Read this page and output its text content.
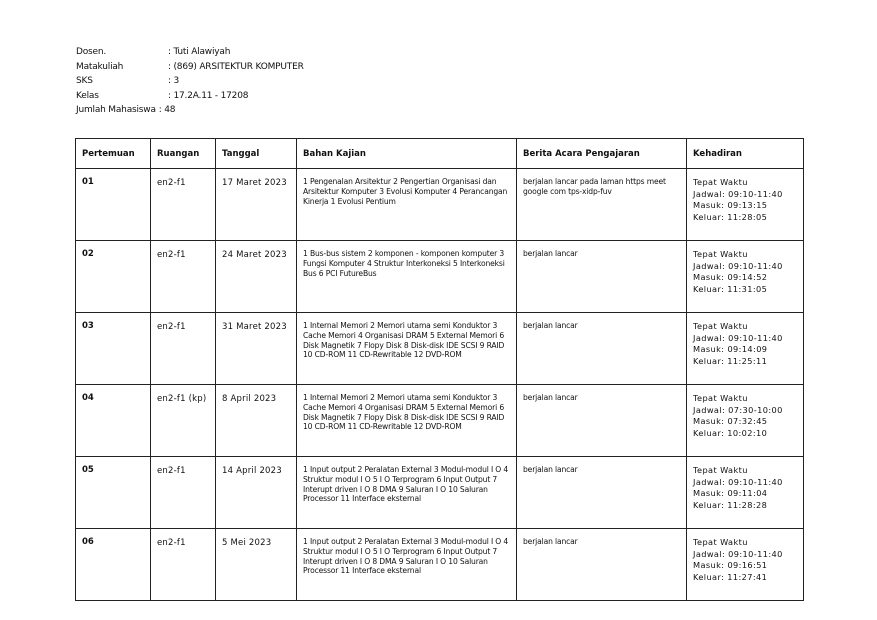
Dosen.	: Tuti Alawiyah
Matakuliah	: (869) ARSITEKTUR KOMPUTER
SKS	: 3
Kelas	: 17.2A.11 - 17208
Jumlah Mahasiswa : 48
Pertemuan	Ruangan	Tanggal	Bahan Kajian	Berita Acara Pengajaran	Kehadiran
01	en2-f1	17 Maret 2023	1 Pengenalan Arsitektur 2 Pengertian Organisasi dan Arsitektur Komputer 3 Evolusi Komputer 4 Perancangan Kinerja 1 Evolusi Pentium	berjalan lancar pada laman https meet google com tps-xidp-fuv	Tepat Waktu
Jadwal: 09:10-11:40
Masuk: 09:13:15
Keluar: 11:28:05

02	en2-f1	24 Maret 2023	1 Bus-bus sistem 2 komponen - komponen komputer 3 Fungsi Komputer 4 Struktur Interkoneksi 5 Interkoneksi Bus 6 PCI FutureBus	berjalan lancar	Tepat Waktu
Jadwal: 09:10-11:40
Masuk: 09:14:52
Keluar: 11:31:05

03	en2-f1	31 Maret 2023	1 Internal Memori 2 Memori utama semi Konduktor 3 Cache Memori 4 Organisasi DRAM 5 External Memori 6 Disk Magnetik 7 Flopy Disk 8 Disk-disk IDE SCSI 9 RAID 10 CD-ROM 11 CD-Rewritable 12 DVD-ROM	berjalan lancar	Tepat Waktu
Jadwal: 09:10-11:40
Masuk: 09:14:09
Keluar: 11:25:11

04	en2-f1 (kp)	8 April 2023	1 Internal Memori 2 Memori utama semi Konduktor 3 Cache Memori 4 Organisasi DRAM 5 External Memori 6 Disk Magnetik 7 Flopy Disk 8 Disk-disk IDE SCSI 9 RAID 10 CD-ROM 11 CD-Rewritable 12 DVD-ROM	berjalan lancar	Tepat Waktu
Jadwal: 07:30-10:00
Masuk: 07:32:45
Keluar: 10:02:10

05	en2-f1	14 April 2023	1 Input output 2 Peralatan External 3 Modul-modul I O 4 Struktur modul I O 5 I O Terprogram 6 Input Output 7 Interupt driven I O 8 DMA 9 Saluran I O 10 Saluran Processor 11 Interface eksternal	berjalan lancar	Tepat Waktu
Jadwal: 09:10-11:40
Masuk: 09:11:04
Keluar: 11:28:28

06	en2-f1	5 Mei 2023	1 Input output 2 Peralatan External 3 Modul-modul I O 4 Struktur modul I O 5 I O Terprogram 6 Input Output 7 Interupt driven I O 8 DMA 9 Saluran I O 10 Saluran Processor 11 Interface eksternal	berjalan lancar	Tepat Waktu
Jadwal: 09:10-11:40
Masuk: 09:16:51
Keluar: 11:27:41
